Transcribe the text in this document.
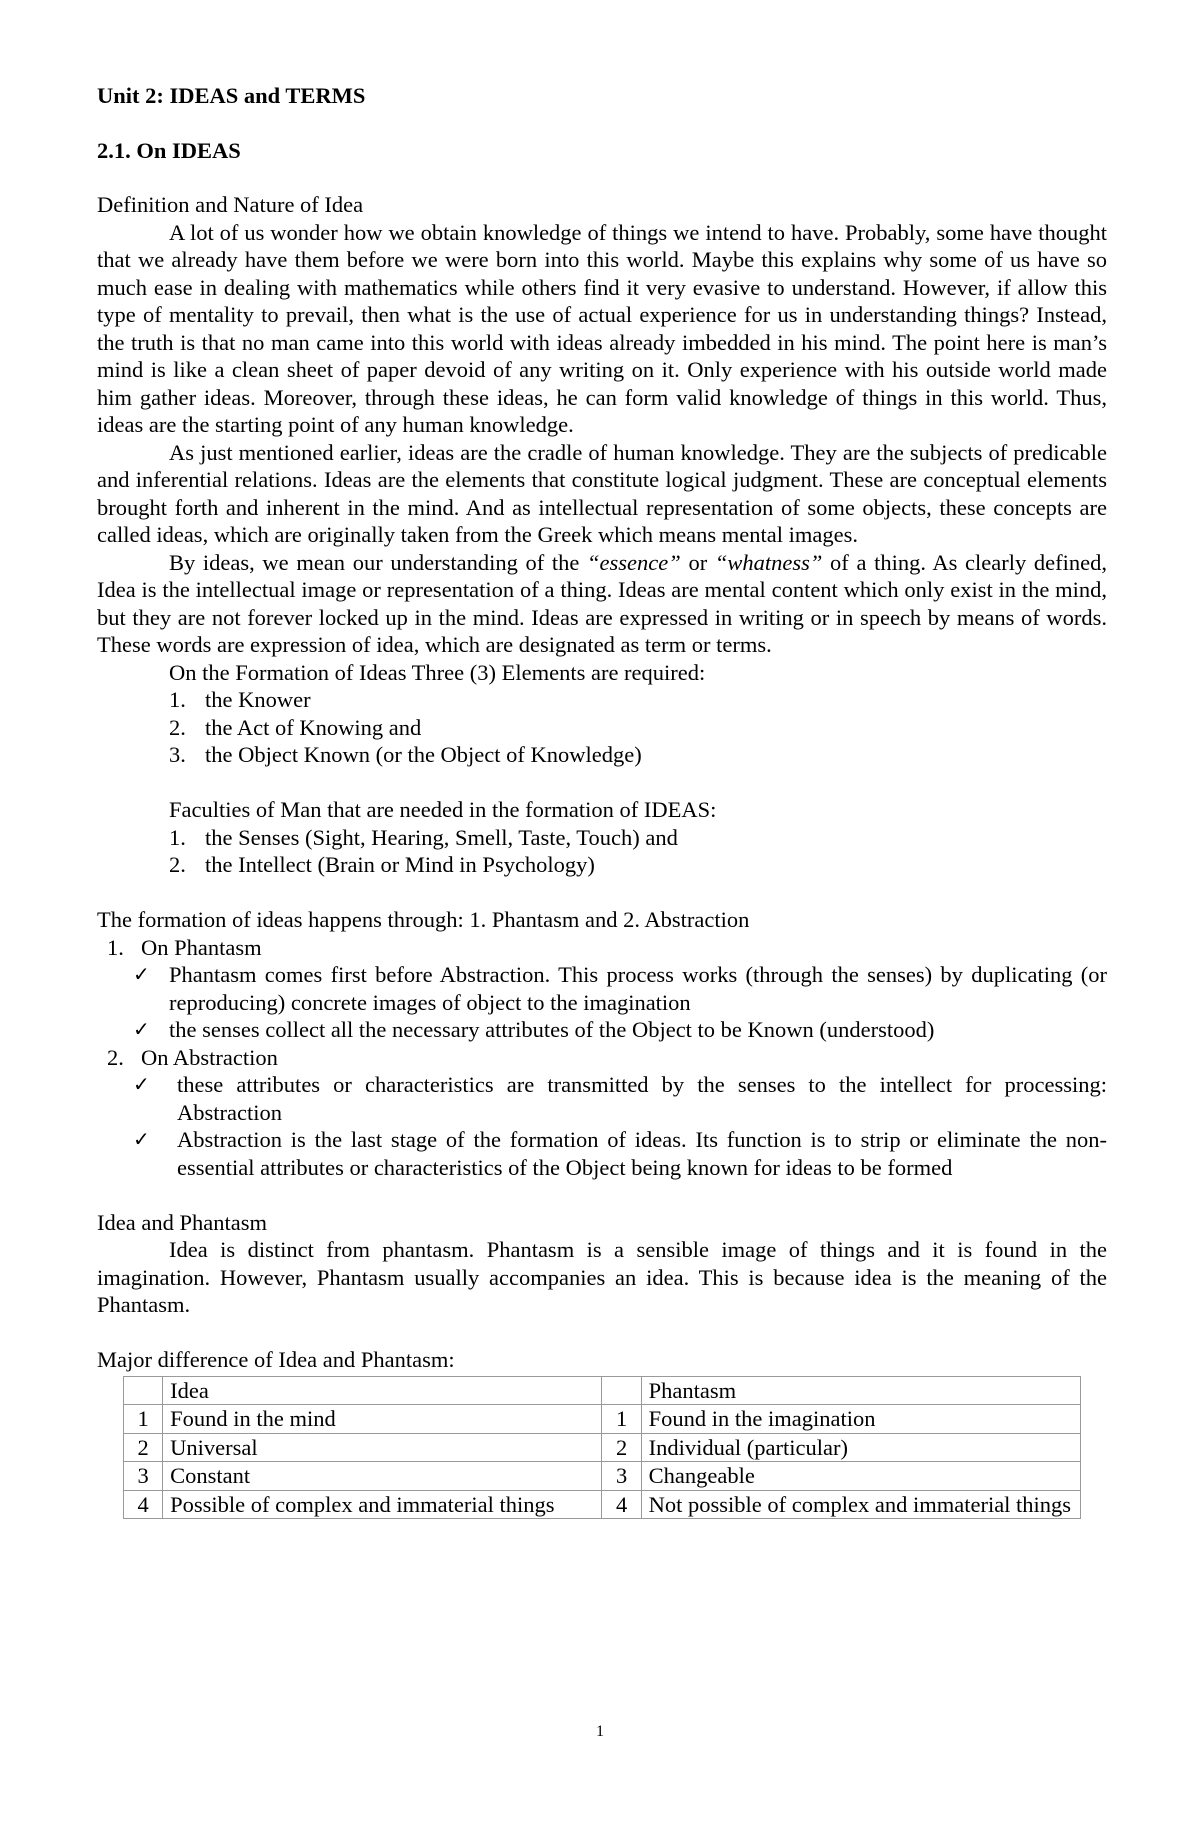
Unit 2: IDEAS and TERMS

2.1. On IDEAS

Definition and Nature of Idea

A lot of us wonder how we obtain knowledge of things we intend to have. Probably, some have thought that we already have them before we were born into this world. Maybe this explains why some of us have so much ease in dealing with mathematics while others find it very evasive to understand. However, if allow this type of mentality to prevail, then what is the use of actual experience for us in understanding things? Instead, the truth is that no man came into this world with ideas already imbedded in his mind. The point here is man’s mind is like a clean sheet of paper devoid of any writing on it. Only experience with his outside world made him gather ideas. Moreover, through these ideas, he can form valid knowledge of things in this world. Thus, ideas are the starting point of any human knowledge.

As just mentioned earlier, ideas are the cradle of human knowledge. They are the subjects of predicable and inferential relations. Ideas are the elements that constitute logical judgment. These are conceptual elements brought forth and inherent in the mind. And as intellectual representation of some objects, these concepts are called ideas, which are originally taken from the Greek which means mental images.

By ideas, we mean our understanding of the “essence” or “whatness” of a thing. As clearly defined, Idea is the intellectual image or representation of a thing. Ideas are mental content which only exist in the mind, but they are not forever locked up in the mind. Ideas are expressed in writing or in speech by means of words. These words are expression of idea, which are designated as term or terms.

On the Formation of Ideas Three (3) Elements are required:

1. the Knower
2. the Act of Knowing and
3. the Object Known (or the Object of Knowledge)

Faculties of Man that are needed in the formation of IDEAS:

1. the Senses (Sight, Hearing, Smell, Taste, Touch) and
2. the Intellect (Brain or Mind in Psychology)

The formation of ideas happens through: 1. Phantasm and 2. Abstraction

1. On Phantasm
✓ Phantasm comes first before Abstraction. This process works (through the senses) by duplicating (or reproducing) concrete images of object to the imagination
✓ the senses collect all the necessary attributes of the Object to be Known (understood)
2. On Abstraction
✓ these attributes or characteristics are transmitted by the senses to the intellect for processing: Abstraction
✓ Abstraction is the last stage of the formation of ideas. Its function is to strip or eliminate the non-essential attributes or characteristics of the Object being known for ideas to be formed

Idea and Phantasm

Idea is distinct from phantasm. Phantasm is a sensible image of things and it is found in the imagination. However, Phantasm usually accompanies an idea. This is because idea is the meaning of the Phantasm.

Major difference of Idea and Phantasm:

	Idea		Phantasm
1	Found in the mind	1	Found in the imagination
2	Universal	2	Individual (particular)
3	Constant	3	Changeable
4	Possible of complex and immaterial things	4	Not possible of complex and immaterial things
1
